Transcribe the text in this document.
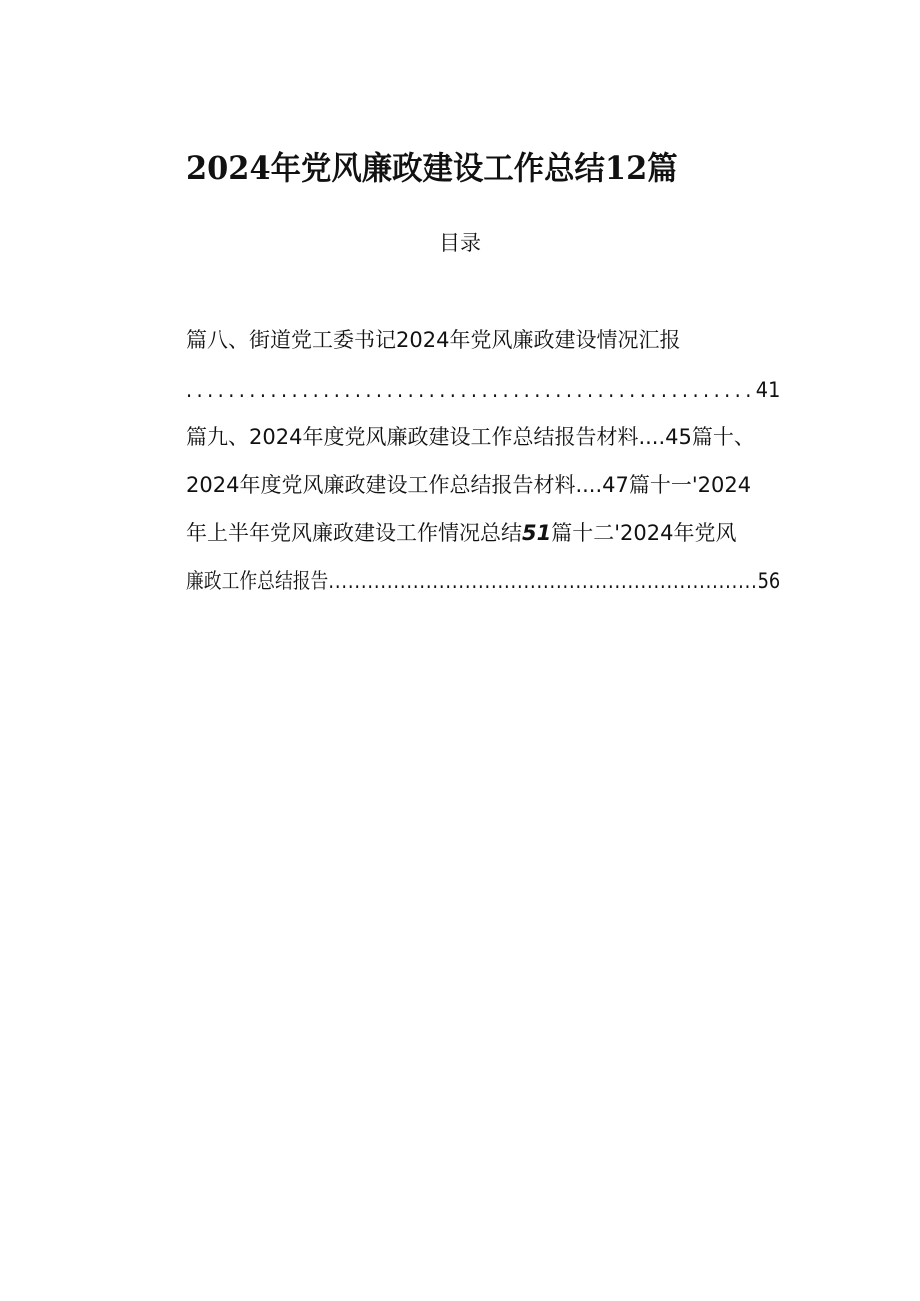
2024年党风廉政建设工作总结12篇
目录
篇八、街道党工委书记2024年党风廉政建设情况汇报
......................................................41
篇九、2024年度党风廉政建设工作总结报告材料....45篇十、
2024年度党风廉政建设工作总结报告材料....47篇十一'2024
年上半年党风廉政建设工作情况总结51篇十二'2024年党风
廉政工作总结报告..................................................................56
